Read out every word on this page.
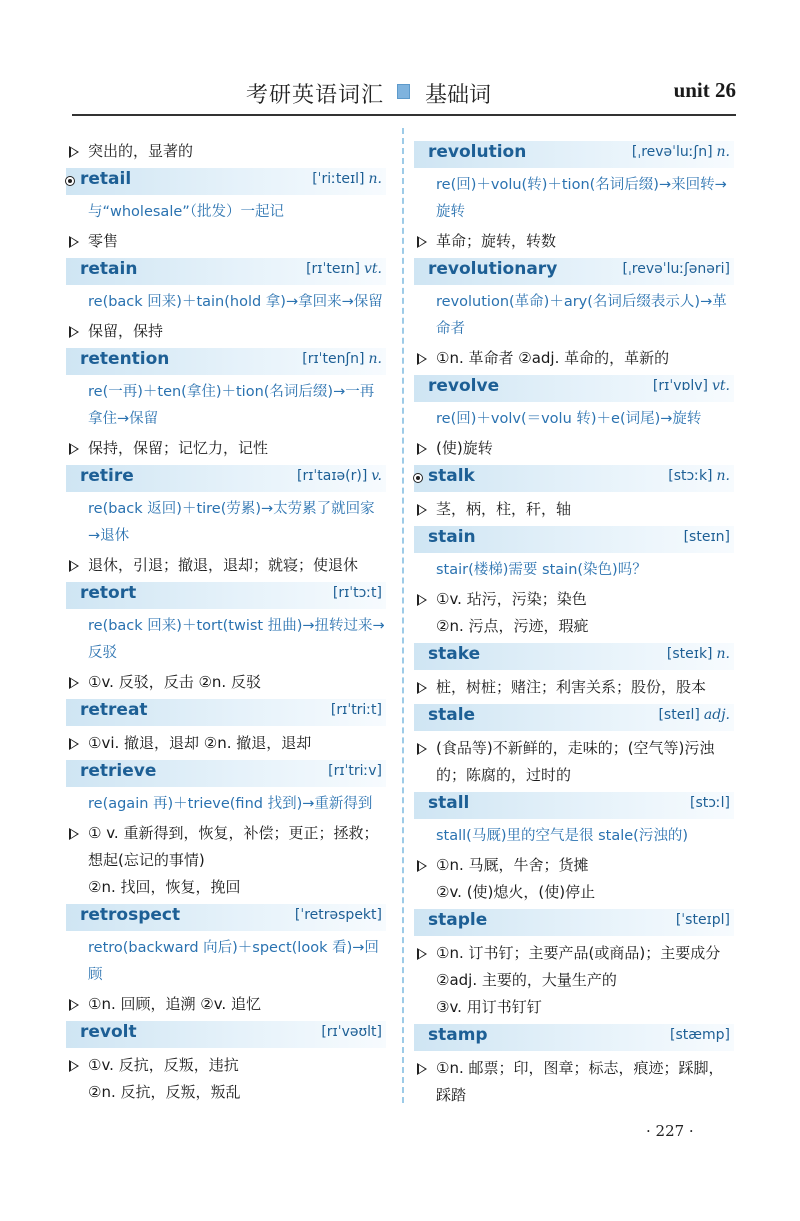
考研英语词汇 基础词	unit 26
突出的，显著的
retail	[ˈriːteɪl] n.
与“wholesale”（批发）一起记
零售
retain	[rɪˈteɪn] vt.
re(back 回来)＋tain(hold 拿)→拿回来→保留
保留，保持
retention	[rɪˈtenʃn] n.
re(一再)＋ten(拿住)＋tion(名词后缀)→一再拿住→保留
保持，保留；记忆力，记性
retire	[rɪˈtaɪə(r)] v.
re(back 返回)＋tire(劳累)→太劳累了就回家→退休
退休，引退；撤退，退却；就寝；使退休
retort	[rɪˈtɔːt]
re(back 回来)＋tort(twist 扭曲)→扭转过来→反驳
①v. 反驳，反击 ②n. 反驳
retreat	[rɪˈtriːt]
①vi. 撤退，退却 ②n. 撤退，退却
retrieve	[rɪˈtriːv]
re(again 再)＋trieve(find 找到)→重新得到
① v. 重新得到，恢复，补偿；更正；拯救；想起(忘记的事情)
②n. 找回，恢复，挽回
retrospect	[ˈretrəspekt]
retro(backward 向后)＋spect(look 看)→回顾
①n. 回顾，追溯 ②v. 追忆
revolt	[rɪˈvəʊlt]
①v. 反抗，反叛，违抗
②n. 反抗，反叛，叛乱
revolution	[ˌrevəˈluːʃn] n.
re(回)＋volu(转)＋tion(名词后缀)→来回转→旋转
革命；旋转，转数
revolutionary	[ˌrevəˈluːʃənəri]
revolution(革命)＋ary(名词后缀表示人)→革命者
①n. 革命者 ②adj. 革命的，革新的
revolve	[rɪˈvɒlv] vt.
re(回)＋volv(＝volu 转)＋e(词尾)→旋转
(使)旋转
stalk	[stɔːk] n.
茎，柄，柱，秆，轴
stain	[steɪn]
stair(楼梯)需要 stain(染色)吗？
①v. 玷污，污染；染色
②n. 污点，污迹，瑕疵
stake	[steɪk] n.
桩，树桩；赌注；利害关系；股份，股本
stale	[steɪl] adj.
(食品等)不新鲜的，走味的；(空气等)污浊的；陈腐的，过时的
stall	[stɔːl]
stall(马厩)里的空气是很 stale(污浊的)
①n. 马厩，牛舍；货摊
②v. (使)熄火，(使)停止
staple	[ˈsteɪpl]
①n. 订书钉；主要产品(或商品)；主要成分
②adj. 主要的，大量生产的
③v. 用订书钉钉
stamp	[stæmp]
①n. 邮票；印，图章；标志，痕迹；踩脚，踩踏
· 227 ·
